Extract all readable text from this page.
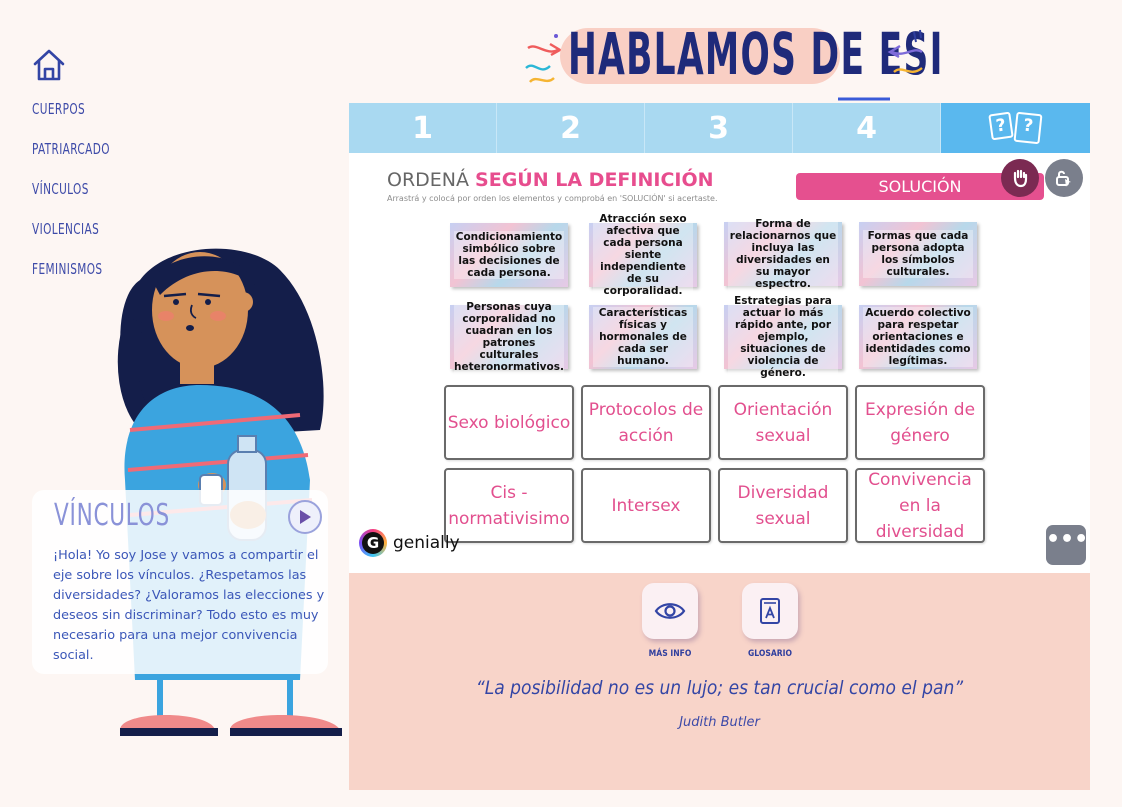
CUERPOS
PATRIARCADO
VÍNCULOS
VIOLENCIAS
FEMINISMOS
HABLAMOS DE ESI
1	2	3	4	? ?
ORDENÁ SEGÚN LA DEFINICIÓN
Arrastrá y colocá por orden los elementos y comprobá en 'SOLUCIÓN' si acertaste.
SOLUCIÓN
Condicionamiento simbólico sobre las decisiones de cada persona.
Atracción sexo afectiva que cada persona siente independiente de su corporalidad.
Forma de relacionarnos que incluya las diversidades en su mayor espectro.
Formas que cada persona adopta los símbolos culturales.
Personas cuya corporalidad no cuadran en los patrones culturales heteronormativos.
Características físicas y hormonales de cada ser humano.
Estrategias para actuar lo más rápido ante, por ejemplo, situaciones de violencia de género.
Acuerdo colectivo para respetar orientaciones e identidades como legítimas.
Sexo biológico
Protocolos de acción
Orientación sexual
Expresión de género
Cis - normativisimo
Intersex
Diversidad sexual
Convivencia en la diversidad
G genially	•••
MÁS INFO	GLOSARIO
“La posibilidad no es un lujo; es tan crucial como el pan”
Judith Butler
VÍNCULOS
¡Hola! Yo soy Jose y vamos a compartir el eje sobre los vínculos. ¿Respetamos las diversidades? ¿Valoramos las elecciones y deseos sin discriminar? Todo esto es muy necesario para una mejor convivencia social.
